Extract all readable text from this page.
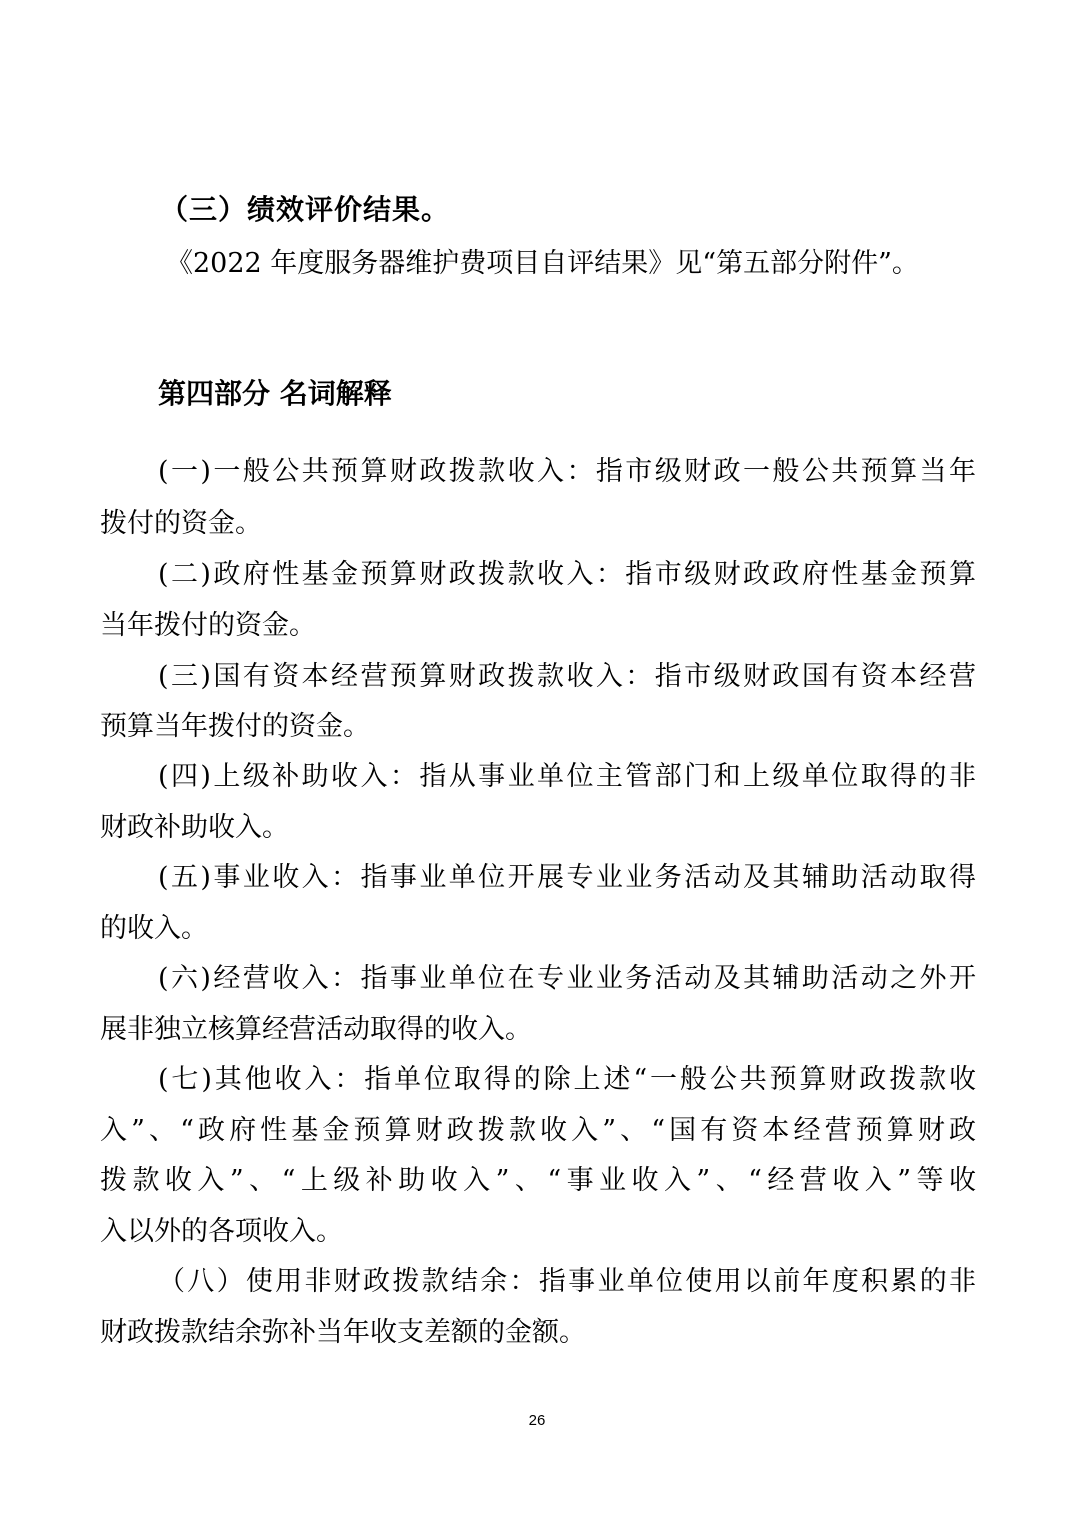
（三）绩效评价结果。
《2022 年度服务器维护费项目自评结果》见“第五部分附件”。
第四部分 名词解释
(一)一般公共预算财政拨款收入：指市级财政一般公共预算当年
拨付的资金。
(二)政府性基金预算财政拨款收入：指市级财政政府性基金预算
当年拨付的资金。
(三)国有资本经营预算财政拨款收入：指市级财政国有资本经营
预算当年拨付的资金。
(四)上级补助收入：指从事业单位主管部门和上级单位取得的非
财政补助收入。
(五)事业收入：指事业单位开展专业业务活动及其辅助活动取得
的收入。
(六)经营收入：指事业单位在专业业务活动及其辅助活动之外开
展非独立核算经营活动取得的收入。
(七)其他收入：指单位取得的除上述“一般公共预算财政拨款收
入”、“政府性基金预算财政拨款收入”、“国有资本经营预算财政
拨款收入”、“上级补助收入”、“事业收入”、“经营收入”等收
入以外的各项收入。
（八）使用非财政拨款结余：指事业单位使用以前年度积累的非
财政拨款结余弥补当年收支差额的金额。
26
